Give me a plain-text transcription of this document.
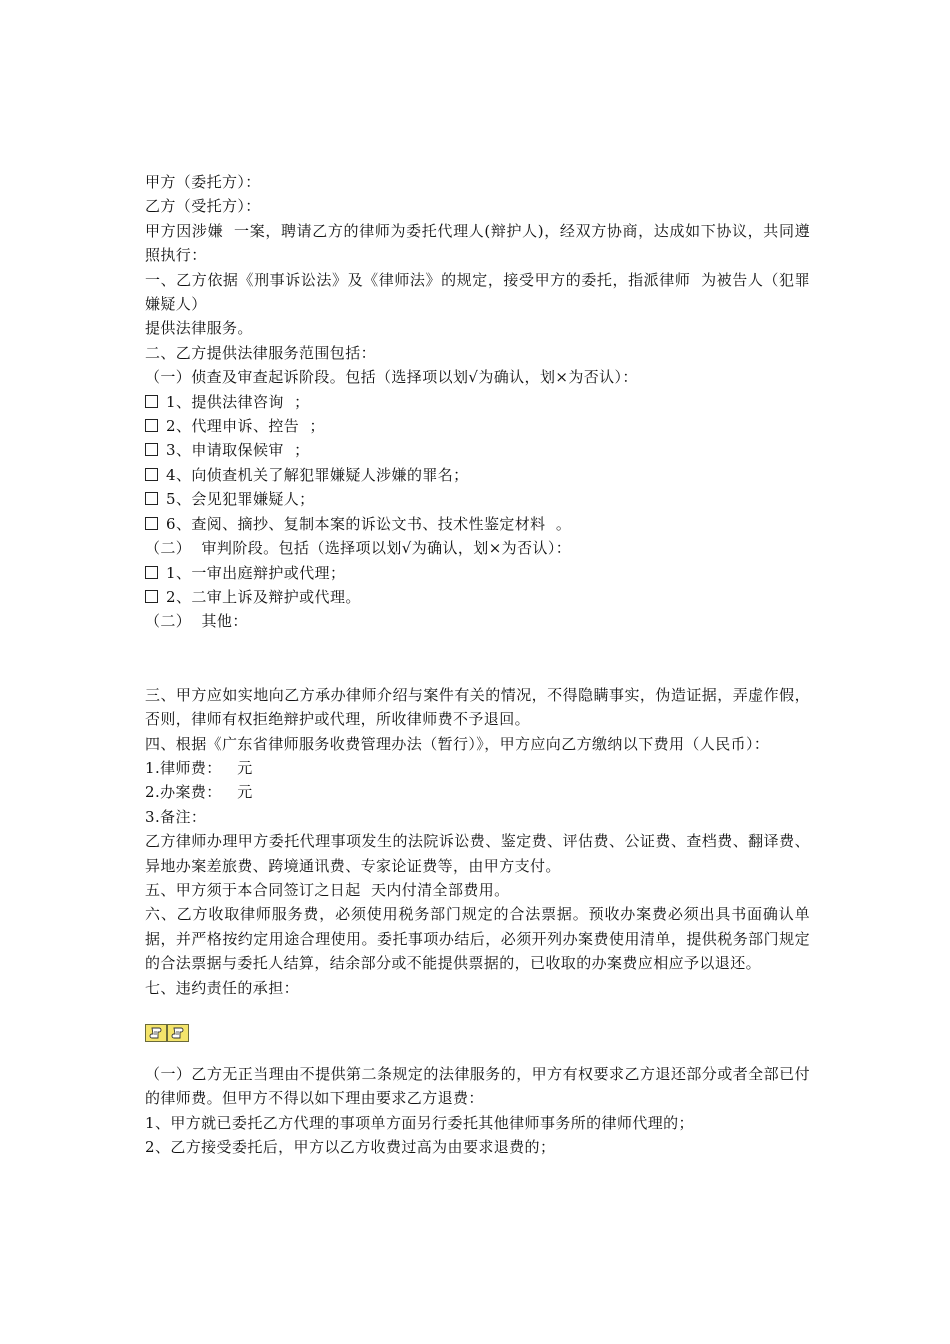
甲方（委托方）：

乙方（受托方）：

甲方因涉嫌  一案，聘请乙方的律师为委托代理人(辩护人)，经双方协商，达成如下协议，共同遵照执行：

一、乙方依据《刑事诉讼法》及《律师法》的规定，接受甲方的委托，指派律师  为被告人（犯罪嫌疑人）

提供法律服务。

二、乙方提供法律服务范围包括：

（一）侦查及审查起诉阶段。包括（选择项以划√为确认，划×为否认）：

1、提供法律咨询  ；

2、代理申诉、控告  ；

3、申请取保候审  ；

4、向侦查机关了解犯罪嫌疑人涉嫌的罪名；

5、会见犯罪嫌疑人；

6、查阅、摘抄、复制本案的诉讼文书、技术性鉴定材料  。

（二）  审判阶段。包括（选择项以划√为确认，划×为否认）：

1、一审出庭辩护或代理；

2、二审上诉及辩护或代理。

（二）  其他：

三、甲方应如实地向乙方承办律师介绍与案件有关的情况，不得隐瞒事实，伪造证据，弄虚作假，否则，律师有权拒绝辩护或代理，所收律师费不予退回。

四、根据《广东省律师服务收费管理办法（暂行）》，甲方应向乙方缴纳以下费用（人民币）：

1.律师费：   元

2.办案费：   元

3.备注：

乙方律师办理甲方委托代理事项发生的法院诉讼费、鉴定费、评估费、公证费、查档费、翻译费、异地办案差旅费、跨境通讯费、专家论证费等，由甲方支付。

五、甲方须于本合同签订之日起  天内付清全部费用。

六、乙方收取律师服务费，必须使用税务部门规定的合法票据。预收办案费必须出具书面确认单据，并严格按约定用途合理使用。委托事项办结后，必须开列办案费使用清单，提供税务部门规定的合法票据与委托人结算，结余部分或不能提供票据的，已收取的办案费应相应予以退还。

七、违约责任的承担：

（一）乙方无正当理由不提供第二条规定的法律服务的，甲方有权要求乙方退还部分或者全部已付的律师费。但甲方不得以如下理由要求乙方退费：

1、甲方就已委托乙方代理的事项单方面另行委托其他律师事务所的律师代理的；

2、乙方接受委托后，甲方以乙方收费过高为由要求退费的；
